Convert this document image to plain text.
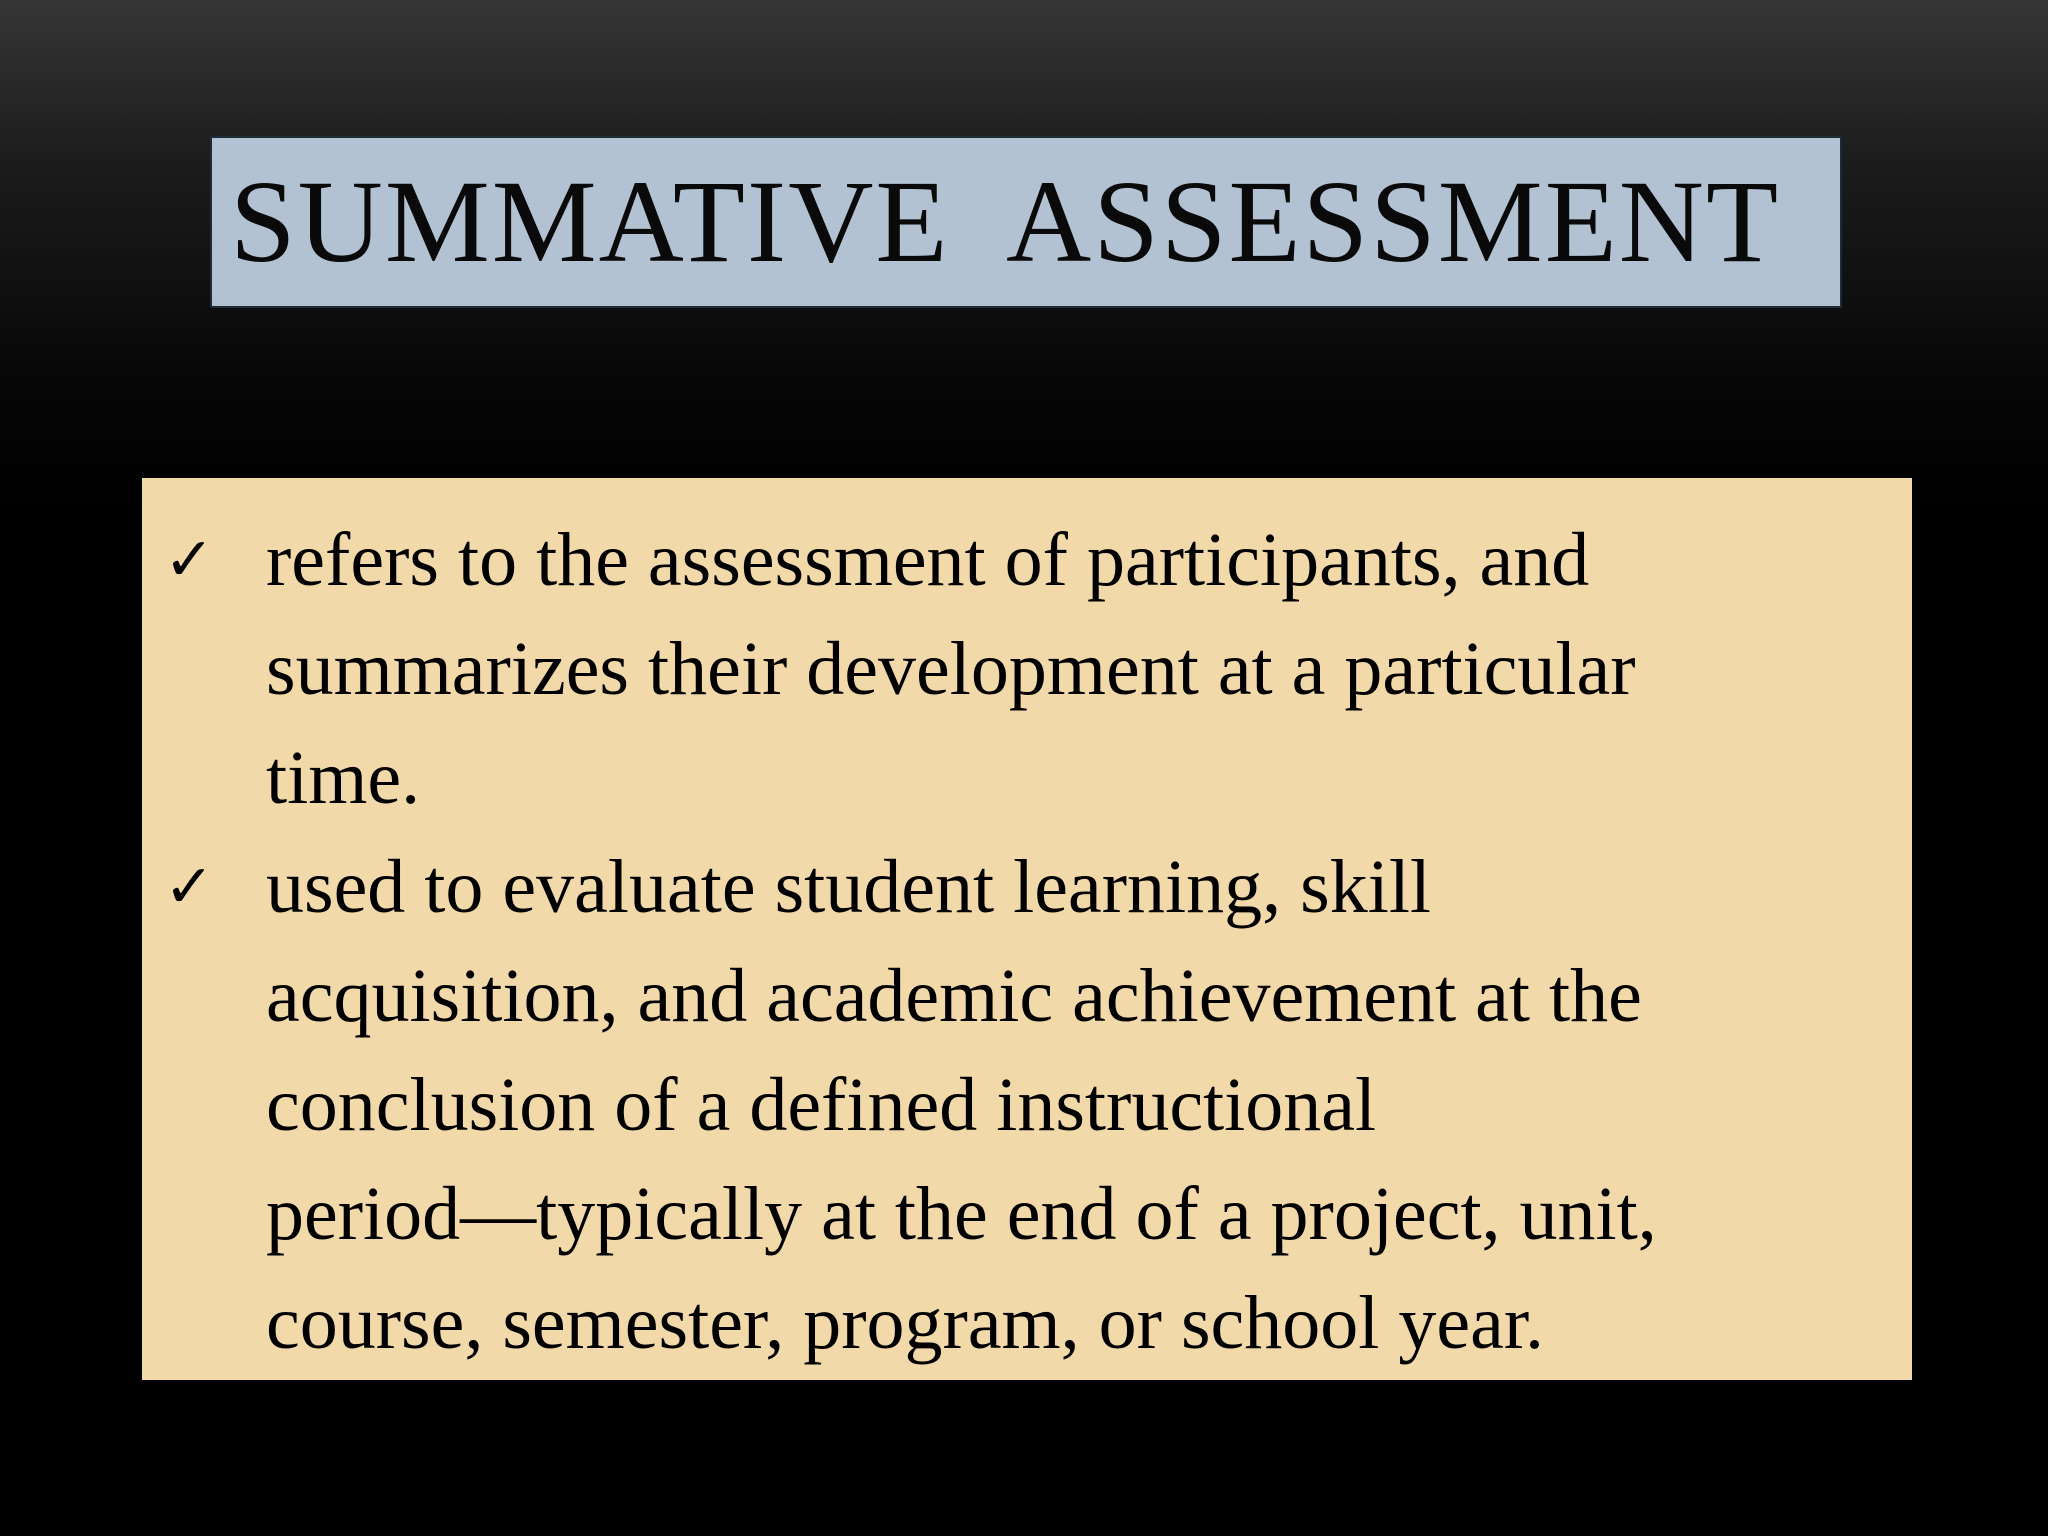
SUMMATIVE  ASSESSMENT
✓ refers to the assessment of participants, and
summarizes their development at a particular
time.

✓ used to evaluate student learning, skill
acquisition, and academic achievement at the
conclusion of a defined instructional
period—typically at the end of a project, unit,
course, semester, program, or school year.
